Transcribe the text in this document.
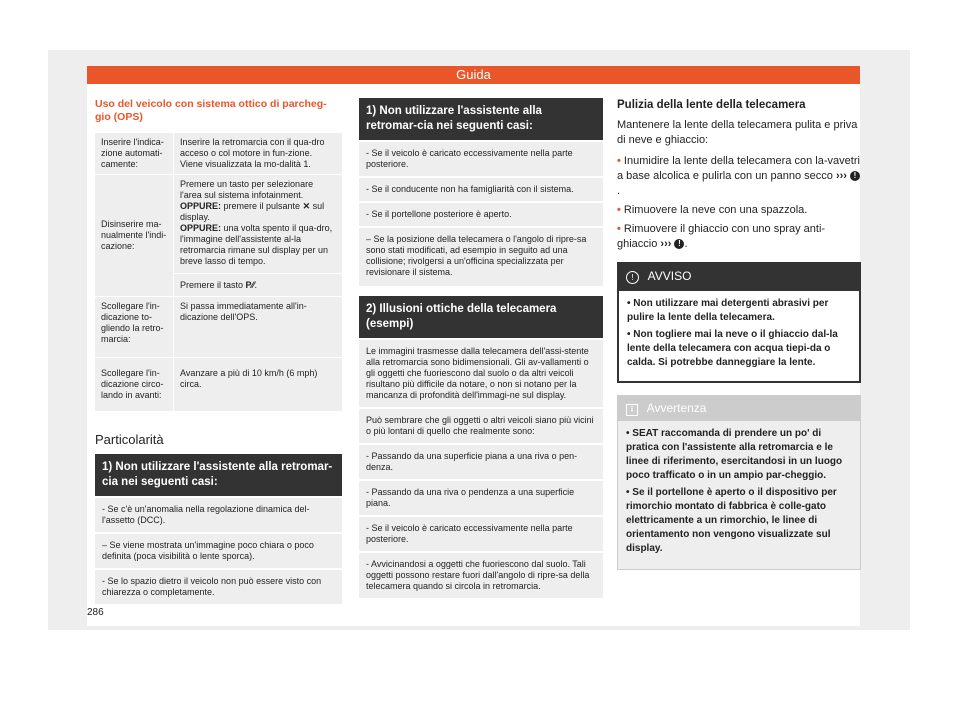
Guida
Uso del veicolo con sistema ottico di parcheg-
gio (OPS)
Inserire l'indica-zione automati-camente:	Inserire la retromarcia con il qua-dro acceso o col motore in fun-zione. Viene visualizzata la mo-dalità 1.
Disinserire ma-nualmente l'indi-cazione:	Premere un tasto per selezionare l'area sul sistema infotainment.
OPPURE: premere il pulsante ✕ sul display.
OPPURE: una volta spento il qua-dro, l'immagine dell'assistente al-la retromarcia rimane sul display per un breve lasso di tempo.
Premere il tasto P⁄⁄.

Scollegare l'in-dicazione to-gliendo la retro-marcia:	Si passa immediatamente all'in-dicazione dell'OPS.
Scollegare l'in-dicazione circo-lando in avanti:	Avanzare a più di 10 km/h (6 mph) circa.
Particolarità
1) Non utilizzare l'assistente alla retromar-cia nei seguenti casi:
- Se c'è un'anomalia nella regolazione dinamica del-l'assetto (DCC).
– Se viene mostrata un'immagine poco chiara o poco definita (poca visibilità o lente sporca).
- Se lo spazio dietro il veicolo non può essere visto con chiarezza o completamente.
1) Non utilizzare l'assistente alla retromar-cia nei seguenti casi:
- Se il veicolo è caricato eccessivamente nella parte posteriore.
- Se il conducente non ha famigliarità con il sistema.
- Se il portellone posteriore è aperto.
– Se la posizione della telecamera o l'angolo di ripre-sa sono stati modificati, ad esempio in seguito ad una collisione; rivolgersi a un'officina specializzata per revisionare il sistema.
2) Illusioni ottiche della telecamera (esempi)
Le immagini trasmesse dalla telecamera dell'assi-stente alla retromarcia sono bidimensionali. Gli av-vallamenti o gli oggetti che fuoriescono dal suolo o da altri veicoli risultano più difficile da notare, o non si notano per la mancanza di profondità dell'immagi-ne sul display.
Può sembrare che gli oggetti o altri veicoli siano più vicini o più lontani di quello che realmente sono:
- Passando da una superficie piana a una riva o pen-denza.
- Passando da una riva o pendenza a una superficie piana.
- Se il veicolo è caricato eccessivamente nella parte posteriore.
- Avvicinandosi a oggetti che fuoriescono dal suolo. Tali oggetti possono restare fuori dall'angolo di ripre-sa della telecamera quando si circola in retromarcia.
Pulizia della lente della telecamera
Mantenere la lente della telecamera pulita e priva di neve e ghiaccio:
• Inumidire la lente della telecamera con la-vavetri a base alcolica e pulirla con un panno secco ››› !.
• Rimuovere la neve con una spazzola.
• Rimuovere il ghiaccio con uno spray anti-ghiaccio ››› ! .
! AVVISO
• Non utilizzare mai detergenti abrasivi per pulire la lente della telecamera.
• Non togliere mai la neve o il ghiaccio dal-la lente della telecamera con acqua tiepi-da o calda. Si potrebbe danneggiare la lente.
i Avvertenza
• SEAT raccomanda di prendere un po' di pratica con l'assistente alla retromarcia e le linee di riferimento, esercitandosi in un luogo poco trafficato o in un ampio par-cheggio.
• Se il portellone è aperto o il dispositivo per rimorchio montato di fabbrica è colle-gato elettricamente a un rimorchio, le linee di orientamento non vengono visualizzate sul display.
286
